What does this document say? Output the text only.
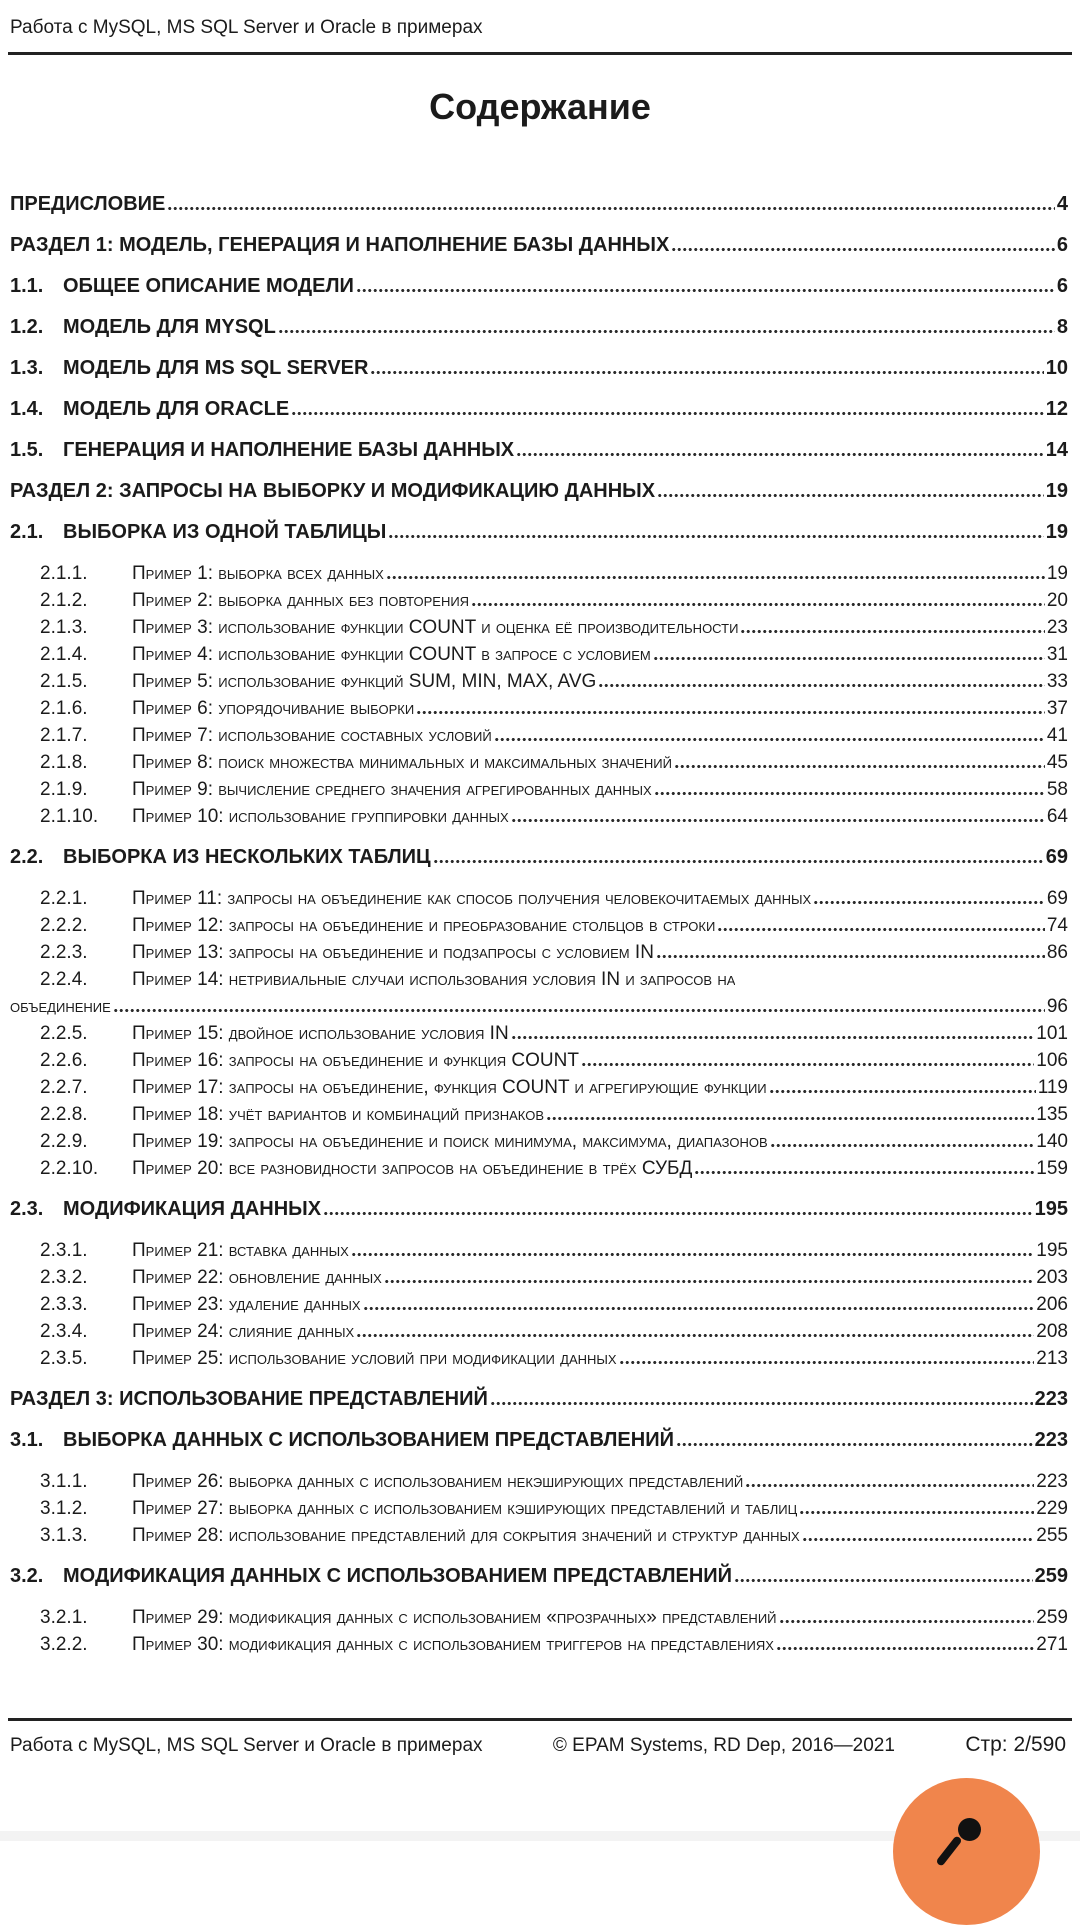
Работа с MySQL, MS SQL Server и Oracle в примерах
Содержание
ПРЕДИСЛОВИЕ	4
РАЗДЕЛ 1: МОДЕЛЬ, ГЕНЕРАЦИЯ И НАПОЛНЕНИЕ БАЗЫ ДАННЫХ	6
1.1. ОБЩЕЕ ОПИСАНИЕ МОДЕЛИ	6
1.2. МОДЕЛЬ ДЛЯ MYSQL	8
1.3. МОДЕЛЬ ДЛЯ MS SQL SERVER	10
1.4. МОДЕЛЬ ДЛЯ ORACLE	12
1.5. ГЕНЕРАЦИЯ И НАПОЛНЕНИЕ БАЗЫ ДАННЫХ	14
РАЗДЕЛ 2: ЗАПРОСЫ НА ВЫБОРКУ И МОДИФИКАЦИЮ ДАННЫХ	19
2.1. ВЫБОРКА ИЗ ОДНОЙ ТАБЛИЦЫ	19
2.1.1.	Пример 1: выборка всех данных	19
2.1.2.	Пример 2: выборка данных без повторения	20
2.1.3.	Пример 3: использование функции COUNT и оценка её производительности	23
2.1.4.	Пример 4: использование функции COUNT в запросе с условием	31
2.1.5.	Пример 5: использование функций SUM, MIN, MAX, AVG	33
2.1.6.	Пример 6: упорядочивание выборки	37
2.1.7.	Пример 7: использование составных условий	41
2.1.8.	Пример 8: поиск множества минимальных и максимальных значений	45
2.1.9.	Пример 9: вычисление среднего значения агрегированных данных	58
2.1.10.	Пример 10: использование группировки данных	64
2.2. ВЫБОРКА ИЗ НЕСКОЛЬКИХ ТАБЛИЦ	69
2.2.1.	Пример 11: запросы на объединение как способ получения человекочитаемых данных	69
2.2.2.	Пример 12: запросы на объединение и преобразование столбцов в строки	74
2.2.3.	Пример 13: запросы на объединение и подзапросы с условием IN	86
2.2.4.	Пример 14: нетривиальные случаи использования условия IN и запросов на
объединение	96
2.2.5.	Пример 15: двойное использование условия IN	101
2.2.6.	Пример 16: запросы на объединение и функция COUNT	106
2.2.7.	Пример 17: запросы на объединение, функция COUNT и агрегирующие функции	119
2.2.8.	Пример 18: учёт вариантов и комбинаций признаков	135
2.2.9.	Пример 19: запросы на объединение и поиск минимума, максимума, диапазонов	140
2.2.10.	Пример 20: все разновидности запросов на объединение в трёх СУБД	159
2.3. МОДИФИКАЦИЯ ДАННЫХ	195
2.3.1.	Пример 21: вставка данных	195
2.3.2.	Пример 22: обновление данных	203
2.3.3.	Пример 23: удаление данных	206
2.3.4.	Пример 24: слияние данных	208
2.3.5.	Пример 25: использование условий при модификации данных	213
РАЗДЕЛ 3: ИСПОЛЬЗОВАНИЕ ПРЕДСТАВЛЕНИЙ	223
3.1. ВЫБОРКА ДАННЫХ С ИСПОЛЬЗОВАНИЕМ ПРЕДСТАВЛЕНИЙ	223
3.1.1.	Пример 26: выборка данных с использованием некэширующих представлений	223
3.1.2.	Пример 27: выборка данных с использованием кэширующих представлений и таблиц	229
3.1.3.	Пример 28: использование представлений для сокрытия значений и структур данных	255
3.2. МОДИФИКАЦИЯ ДАННЫХ С ИСПОЛЬЗОВАНИЕМ ПРЕДСТАВЛЕНИЙ	259
3.2.1.	Пример 29: модификация данных с использованием «прозрачных» представлений	259
3.2.2.	Пример 30: модификация данных с использованием триггеров на представлениях	271
Работа с MySQL, MS SQL Server и Oracle в примерах	© EPAM Systems, RD Dep, 2016—2021	Стр: 2/590
